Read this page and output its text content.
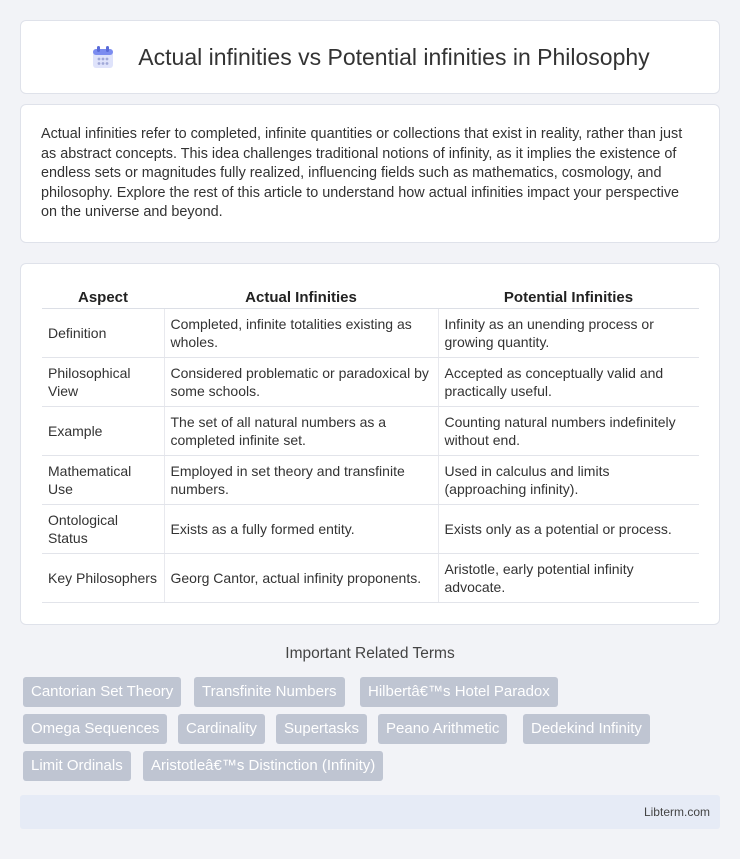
Actual infinities vs Potential infinities in Philosophy

Actual infinities refer to completed, infinite quantities or collections that exist in reality, rather than just as abstract concepts. This idea challenges traditional notions of infinity, as it implies the existence of endless sets or magnitudes fully realized, influencing fields such as mathematics, cosmology, and philosophy. Explore the rest of this article to understand how actual infinities impact your perspective on the universe and beyond.

Aspect	Actual Infinities	Potential Infinities
Definition	Completed, infinite totalities existing as wholes.	Infinity as an unending process or growing quantity.
Philosophical View	Considered problematic or paradoxical by some schools.	Accepted as conceptually valid and practically useful.
Example	The set of all natural numbers as a completed infinite set.	Counting natural numbers indefinitely without end.
Mathematical Use	Employed in set theory and transfinite numbers.	Used in calculus and limits (approaching infinity).
Ontological Status	Exists as a fully formed entity.	Exists only as a potential or process.
Key Philosophers	Georg Cantor, actual infinity proponents.	Aristotle, early potential infinity advocate.
Important Related Terms
Cantorian Set Theory	Transfinite Numbers	Hilbertâ€™s Hotel Paradox
Omega Sequences	Cardinality	Supertasks	Peano Arithmetic	Dedekind Infinity
Limit Ordinals	Aristotleâ€™s Distinction (Infinity)
Libterm.com
